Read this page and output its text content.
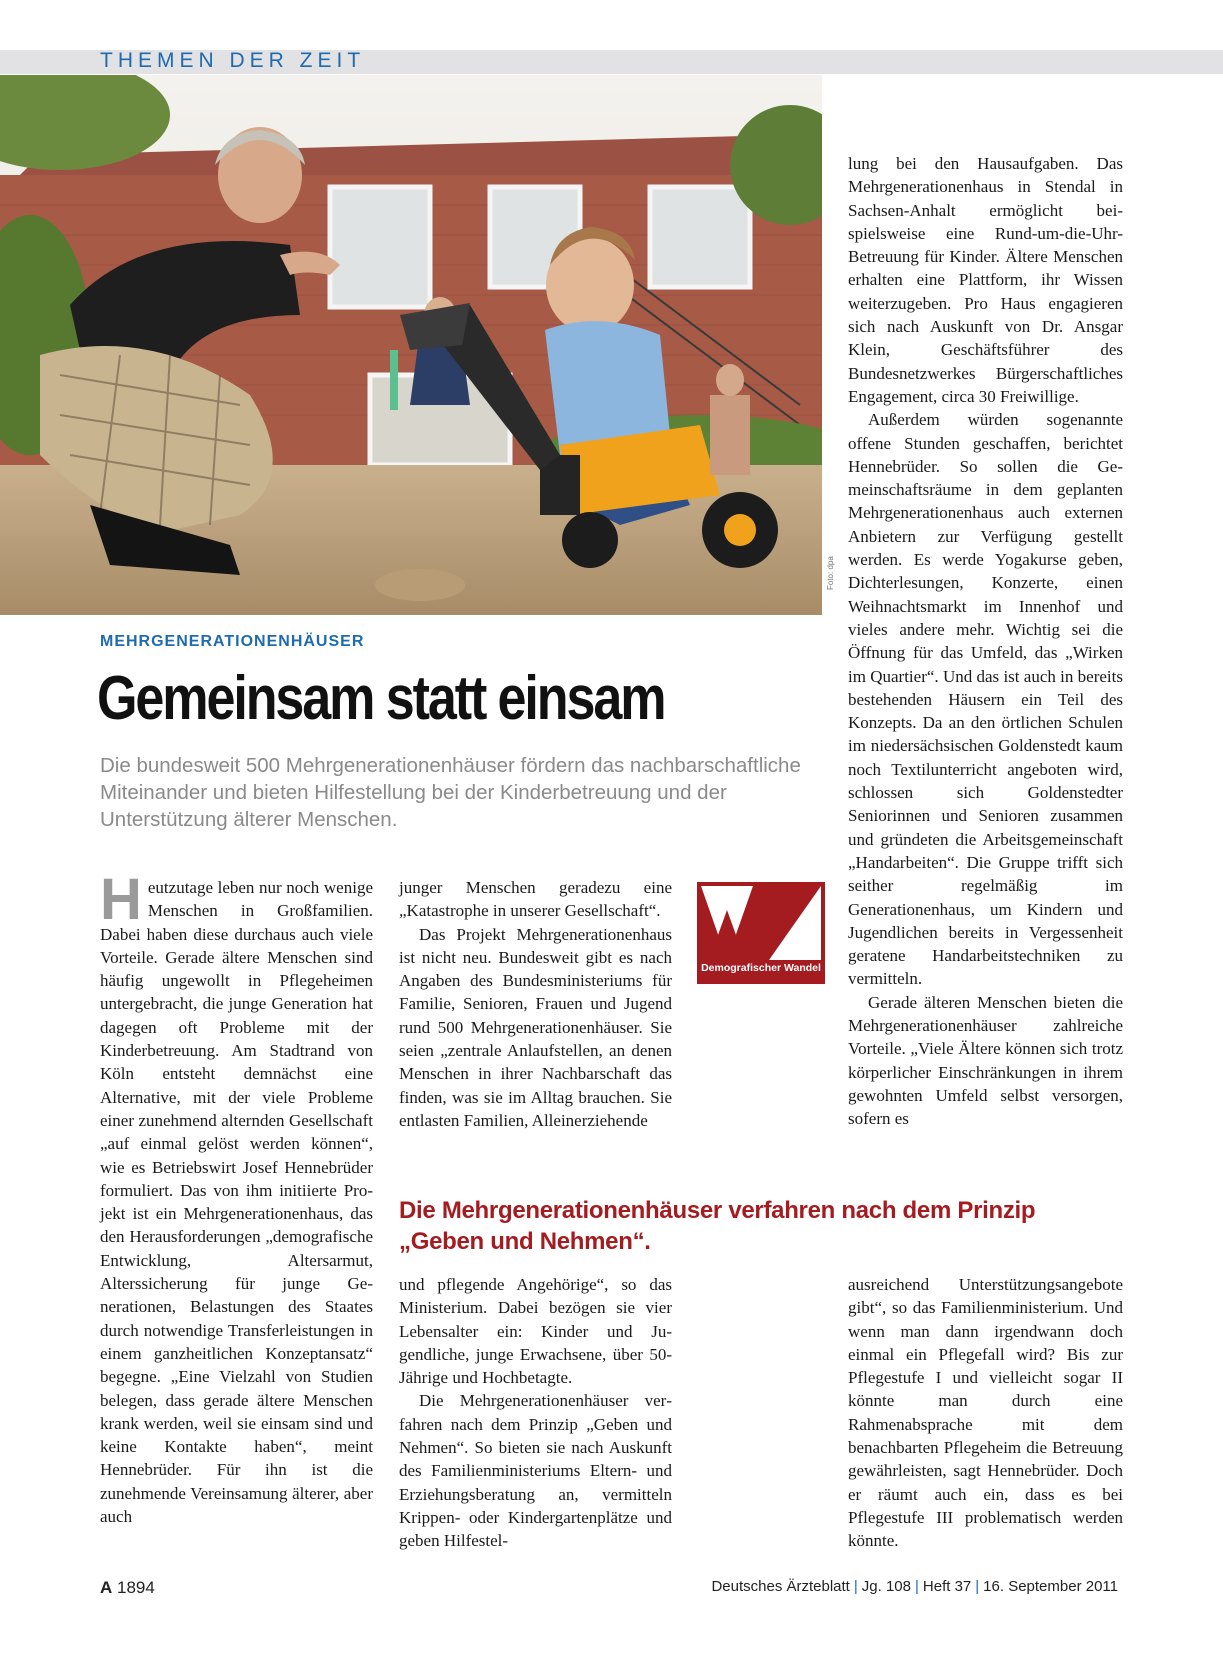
THEMEN DER ZEIT
Foto: dpa
MEHRGENERATIONENHÄUSER
Gemeinsam statt einsam
Die bundesweit 500 Mehrgenerationenhäuser fördern das nachbarschaftliche Miteinander und bieten Hilfestellung bei der Kinderbetreuung und der Unterstützung älterer Menschen.
Heutzutage leben nur noch wenige Menschen in Großfamilien. Dabei haben diese durchaus auch viele Vorteile. Gerade ältere Menschen sind häufig ungewollt in Pflegeheimen untergebracht, die junge Generation hat dagegen oft Probleme mit der Kinderbetreuung. Am Stadtrand von Köln entsteht demnächst eine Alternative, mit der viele Probleme einer zunehmend alternden Gesellschaft „auf einmal gelöst werden können“, wie es Betriebswirt Josef Hennebrüder formuliert. Das von ihm initiierte Projekt ist ein Mehrgenerationenhaus, das den Herausforderungen „demografische Entwicklung, Altersarmut, Alterssicherung für junge Generationen, Belastungen des Staates durch notwendige Transferleistungen in einem ganzheitlichen Konzeptansatz“ begegne. „Eine Vielzahl von Studien belegen, dass gerade ältere Menschen krank werden, weil sie einsam sind und keine Kontakte haben“, meint Hennebrüder. Für ihn ist die zunehmende Vereinsamung älterer, aber auch

junger Menschen geradezu eine „Katastrophe in unserer Gesellschaft“.

Das Projekt Mehrgenerationenhaus ist nicht neu. Bundesweit gibt es nach Angaben des Bundesministeriums für Familie, Senioren, Frauen und Jugend rund 500 Mehrgenerationenhäuser. Sie seien „zentrale Anlaufstellen, an denen Menschen in ihrer Nachbarschaft das finden, was sie im Alltag brauchen. Sie entlasten Familien, Alleinerziehende

Demografischer Wandel
Die Mehrgenerationenhäuser verfahren nach dem Prinzip „Geben und Nehmen“.

und pflegende Angehörige“, so das Ministerium. Dabei bezögen sie vier Lebensalter ein: Kinder und Jugendliche, junge Erwachsene, über 50-Jährige und Hochbetagte.

Die Mehrgenerationenhäuser verfahren nach dem Prinzip „Geben und Nehmen“. So bieten sie nach Auskunft des Familienministeriums Eltern- und Erziehungsberatung an, vermitteln Krippen- oder Kindergartenplätze und geben Hilfestel-

lung bei den Hausaufgaben. Das Mehrgenerationenhaus in Stendal in Sachsen-Anhalt ermöglicht beispielsweise eine Rund-um-die-Uhr-Betreuung für Kinder. Ältere Menschen erhalten eine Plattform, ihr Wissen weiterzugeben. Pro Haus engagieren sich nach Auskunft von Dr. Ansgar Klein, Geschäftsführer des Bundesnetzwerkes Bürgerschaftliches Engagement, circa 30 Freiwillige.

Außerdem würden sogenannte offene Stunden geschaffen, berichtet Hennebrüder. So sollen die Gemeinschaftsräume in dem geplanten Mehrgenerationenhaus auch externen Anbietern zur Verfügung gestellt werden. Es werde Yogakurse geben, Dichterlesungen, Konzerte, einen Weihnachtsmarkt im Innenhof und vieles andere mehr. Wichtig sei die Öffnung für das Umfeld, das „Wirken im Quartier“. Und das ist auch in bereits bestehenden Häusern ein Teil des Konzepts. Da an den örtlichen Schulen im niedersächsischen Goldenstedt kaum noch Textilunterricht angeboten wird, schlossen sich Goldenstedter Seniorinnen und Senioren zusammen und gründeten die Arbeitsgemeinschaft „Handarbeiten“. Die Gruppe trifft sich seither regelmäßig im Generationenhaus, um Kindern und Jugendlichen bereits in Vergessenheit geratene Handarbeitstechniken zu vermitteln.

Gerade älteren Menschen bieten die Mehrgenerationenhäuser zahlreiche Vorteile. „Viele Ältere können sich trotz körperlicher Einschränkungen in ihrem gewohnten Umfeld selbst versorgen, sofern es

ausreichend Unterstützungsangebote gibt“, so das Familienministerium. Und wenn man dann irgendwann doch einmal ein Pflegefall wird? Bis zur Pflegestufe I und vielleicht sogar II könnte man durch eine Rahmenabsprache mit dem benachbarten Pflegeheim die Betreuung gewährleisten, sagt Hennebrüder. Doch er räumt auch ein, dass es bei Pflegestufe III problematisch werden könnte.

A 1894	Deutsches Ärzteblatt | Jg. 108 | Heft 37 | 16. September 2011
